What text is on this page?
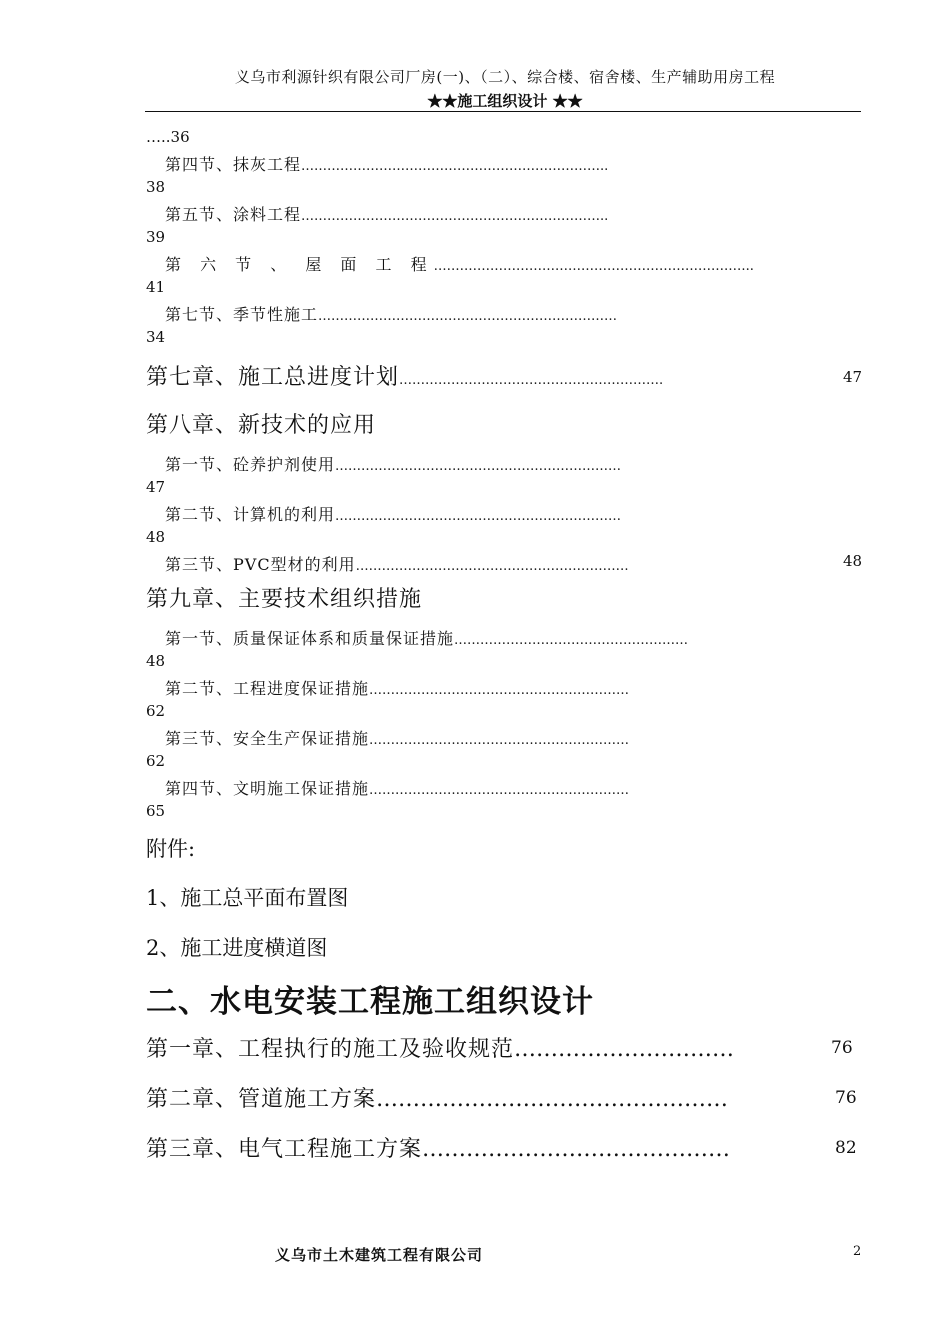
义乌市利源针织有限公司厂房(一)、（二）、综合楼、宿舍楼、生产辅助用房工程
★★施工组织设计 ★★
…..36
第四节、抹灰工程……………………………………………………………..
38
第五节、涂料工程……………………………………………………………..
39
第 六 节 、 屋 面 工 程………………………………………………………………..
41
第七节、季节性施工……………………………………………………………
34
第七章、施工总进度计划…………………………………………………….	47
第八章、新技术的应用
第一节、砼养护剂使用…………………………………………………………
47
第二节、计算机的利用…………………………………………………………
48
第三节、PVC型材的利用………………………………………………………	48
第九章、主要技术组织措施
第一节、质量保证体系和质量保证措施………………………………………………
48
第二节、工程进度保证措施……………………………………………………
62
第三节、安全生产保证措施……………………………………………………
62
第四节、文明施工保证措施……………………………………………………
65
附件:
1、施工总平面布置图
2、施工进度横道图
二、水电安装工程施工组织设计
第一章、工程执行的施工及验收规范…………………………	76
第二章、管道施工方案…………………………………………	76
第三章、电气工程施工方案……………………………………	82
义乌市土木建筑工程有限公司	2
